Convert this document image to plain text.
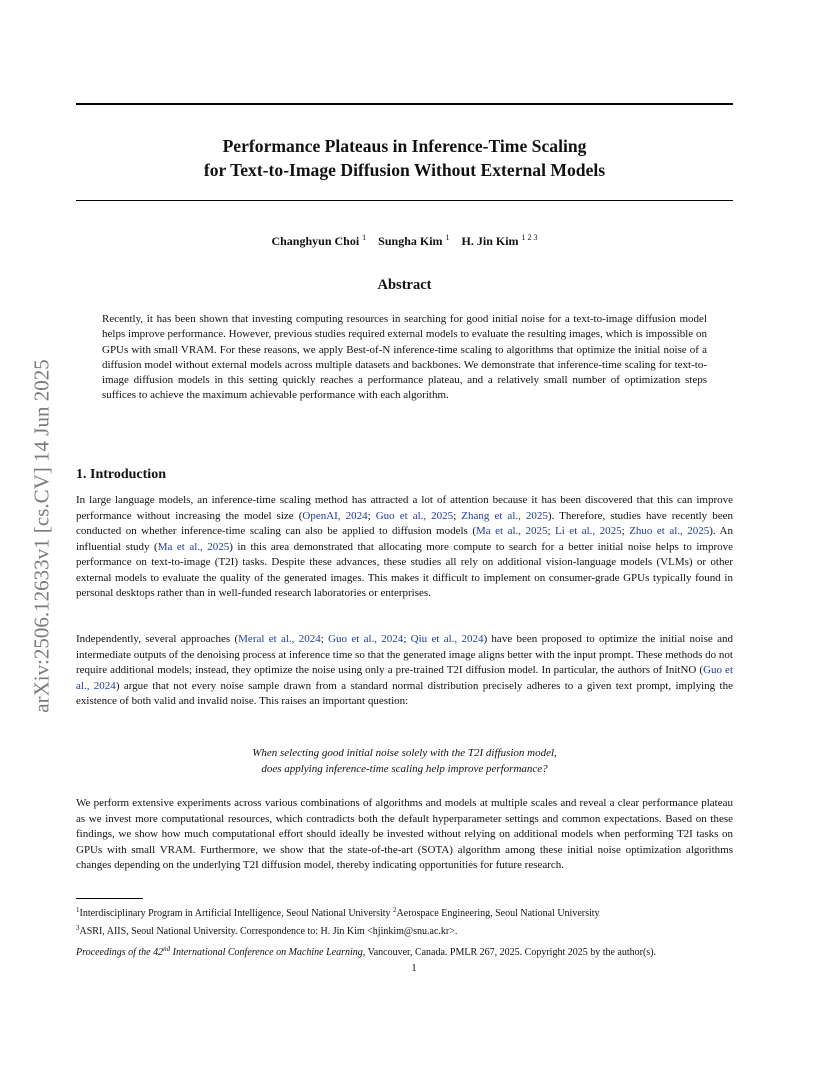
arXiv:2506.12633v1 [cs.CV] 14 Jun 2025
Performance Plateaus in Inference-Time Scaling
for Text-to-Image Diffusion Without External Models
Changhyun Choi $^1$ Sungha Kim $^1$ H. Jin Kim $^{1 2 3}$
Abstract
Recently, it has been shown that investing computing resources in searching for good initial noise for a text-to-image diffusion model helps improve performance. However, previous studies required external models to evaluate the resulting images, which is impossible on GPUs with small VRAM. For these reasons, we apply Best-of-N inference-time scaling to algorithms that optimize the initial noise of a diffusion model without external models across multiple datasets and backbones. We demonstrate that inference-time scaling for text-to-image diffusion models in this setting quickly reaches a performance plateau, and a relatively small number of optimization steps suffices to achieve the maximum achievable performance with each algorithm.
1. Introduction
In large language models, an inference-time scaling method has attracted a lot of attention because it has been discovered that this can improve performance without increasing the model size (OpenAI, 2024; Guo et al., 2025; Zhang et al., 2025). Therefore, studies have recently been conducted on whether inference-time scaling can also be applied to diffusion models (Ma et al., 2025; Li et al., 2025; Zhuo et al., 2025). An influential study (Ma et al., 2025) in this area demonstrated that allocating more compute to search for a better initial noise helps to improve performance on text-to-image (T2I) tasks. Despite these advances, these studies all rely on additional vision-language models (VLMs) or other external models to evaluate the quality of the generated images. This makes it difficult to implement on consumer-grade GPUs typically found in personal desktops rather than in well-funded research laboratories or enterprises.
Independently, several approaches (Meral et al., 2024; Guo et al., 2024; Qiu et al., 2024) have been proposed to optimize the initial noise and intermediate outputs of the denoising process at inference time so that the generated image aligns better with the input prompt. These methods do not require additional models; instead, they optimize the noise using only a pre-trained T2I diffusion model. In particular, the authors of InitNO (Guo et al., 2024) argue that not every noise sample drawn from a standard normal distribution precisely adheres to a given text prompt, implying the existence of both valid and invalid noise. This raises an important question:
When selecting good initial noise solely with the T2I diffusion model,
does applying inference-time scaling help improve performance?
We perform extensive experiments across various combinations of algorithms and models at multiple scales and reveal a clear performance plateau as we invest more computational resources, which contradicts both the default hyperparameter settings and common expectations. Based on these findings, we show how much computational effort should ideally be invested without relying on additional models when performing T2I tasks on GPUs with small VRAM. Furthermore, we show that the state-of-the-art (SOTA) algorithm among these initial noise optimization algorithms changes depending on the underlying T2I diffusion model, thereby indicating opportunities for future research.
$^1$Interdisciplinary Program in Artificial Intelligence, Seoul National University $^2$Aerospace Engineering, Seoul National University
$^3$ASRI, AIIS, Seoul National University. Correspondence to: H. Jin Kim <hjinkim@snu.ac.kr>.
Proceedings of the 42nd International Conference on Machine Learning, Vancouver, Canada. PMLR 267, 2025. Copyright 2025 by the author(s).
1
